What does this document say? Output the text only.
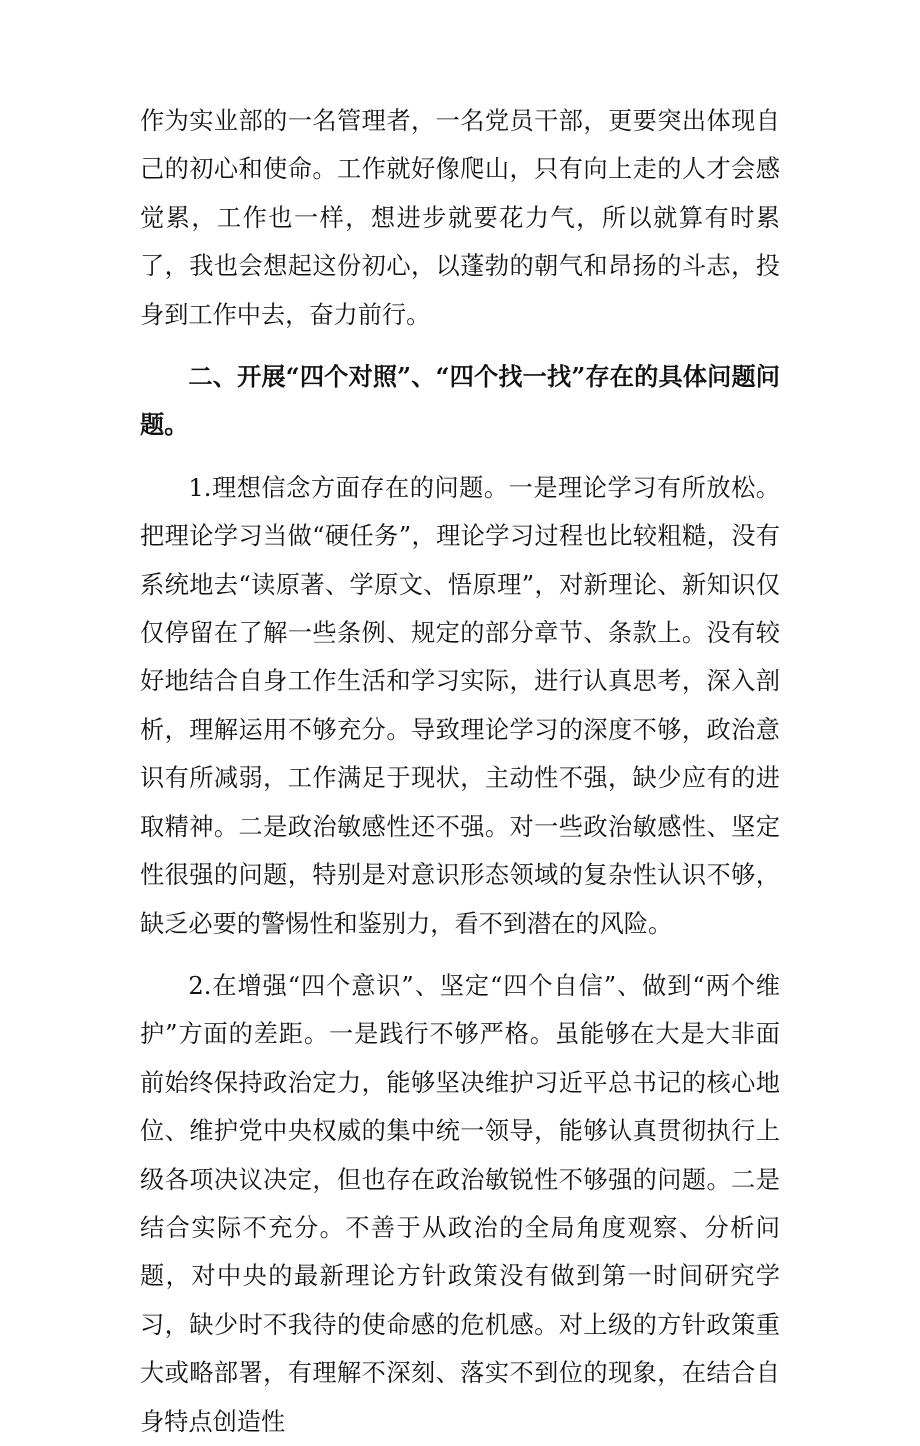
作为实业部的一名管理者，一名党员干部，更要突出体现自己的初心和使命。工作就好像爬山，只有向上走的人才会感觉累，工作也一样，想进步就要花力气，所以就算有时累了，我也会想起这份初心，以蓬勃的朝气和昂扬的斗志，投身到工作中去，奋力前行。

二、开展“四个对照”、“四个找一找”存在的具体问题问题。

1.理想信念方面存在的问题。一是理论学习有所放松。把理论学习当做“硬任务”，理论学习过程也比较粗糙，没有系统地去“读原著、学原文、悟原理”，对新理论、新知识仅仅停留在了解一些条例、规定的部分章节、条款上。没有较好地结合自身工作生活和学习实际，进行认真思考，深入剖析，理解运用不够充分。导致理论学习的深度不够，政治意识有所减弱，工作满足于现状，主动性不强，缺少应有的进取精神。二是政治敏感性还不强。对一些政治敏感性、坚定性很强的问题，特别是对意识形态领域的复杂性认识不够，缺乏必要的警惕性和鉴别力，看不到潜在的风险。

2.在增强“四个意识”、坚定“四个自信”、做到“两个维护”方面的差距。一是践行不够严格。虽能够在大是大非面前始终保持政治定力，能够坚决维护习近平总书记的核心地位、维护党中央权威的集中统一领导，能够认真贯彻执行上级各项决议决定，但也存在政治敏锐性不够强的问题。二是结合实际不充分。不善于从政治的全局角度观察、分析问题，对中央的最新理论方针政策没有做到第一时间研究学习，缺少时不我待的使命感的危机感。对上级的方针政策重大或略部署，有理解不深刻、落实不到位的现象，在结合自身特点创造性
